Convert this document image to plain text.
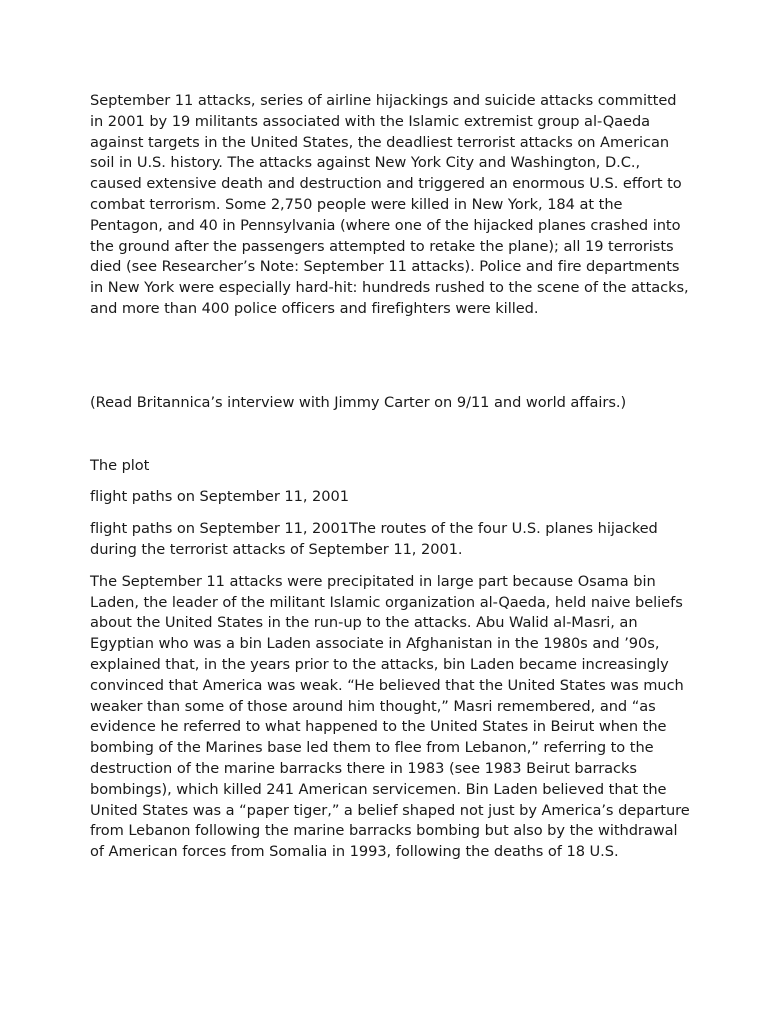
September 11 attacks, series of airline hijackings and suicide attacks committed in 2001 by 19 militants associated with the Islamic extremist group al-Qaeda against targets in the United States, the deadliest terrorist attacks on American soil in U.S. history. The attacks against New York City and Washington, D.C., caused extensive death and destruction and triggered an enormous U.S. effort to combat terrorism. Some 2,750 people were killed in New York, 184 at the Pentagon, and 40 in Pennsylvania (where one of the hijacked planes crashed into the ground after the passengers attempted to retake the plane); all 19 terrorists died (see Researcher’s Note: September 11 attacks). Police and fire departments in New York were especially hard-hit: hundreds rushed to the scene of the attacks, and more than 400 police officers and firefighters were killed.

(Read Britannica’s interview with Jimmy Carter on 9/11 and world affairs.)

The plot

flight paths on September 11, 2001

flight paths on September 11, 2001The routes of the four U.S. planes hijacked during the terrorist attacks of September 11, 2001.

The September 11 attacks were precipitated in large part because Osama bin Laden, the leader of the militant Islamic organization al-Qaeda, held naive beliefs about the United States in the run-up to the attacks. Abu Walid al-Masri, an Egyptian who was a bin Laden associate in Afghanistan in the 1980s and ’90s, explained that, in the years prior to the attacks, bin Laden became increasingly convinced that America was weak. “He believed that the United States was much weaker than some of those around him thought,” Masri remembered, and “as evidence he referred to what happened to the United States in Beirut when the bombing of the Marines base led them to flee from Lebanon,” referring to the destruction of the marine barracks there in 1983 (see 1983 Beirut barracks bombings), which killed 241 American servicemen. Bin Laden believed that the United States was a “paper tiger,” a belief shaped not just by America’s departure from Lebanon following the marine barracks bombing but also by the withdrawal of American forces from Somalia in 1993, following the deaths of 18 U.S.
